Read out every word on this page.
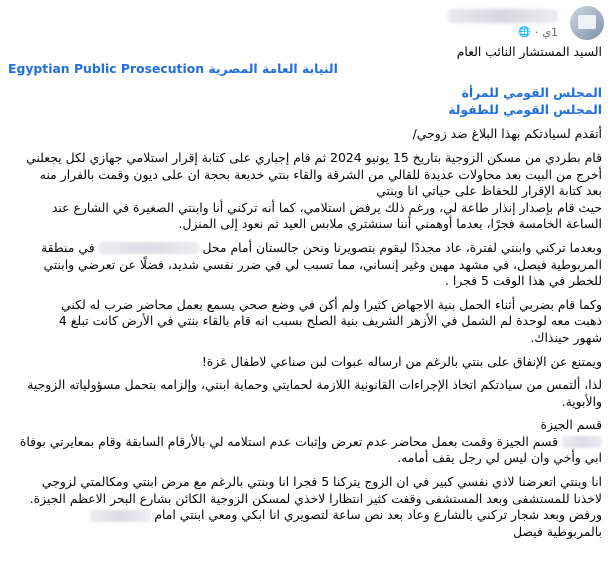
1ي
·
🌐
السيد المستشار النائب العام
Egyptian Public Prosecution النيابة العامة المصرية
المجلس القومي للمرأة
المجلس القومي للطفولة

أتقدم لسيادتكم بهذا البلاغ ضد زوجي/

قام بطردي من مسكن الزوجية بتاريخ 15 يونيو 2024 ثم قام إجباري على كتابة إقرار استلامي جهازي لكل يجعلني
أخرج من البيت بعد محاولات عديدة للقالي من الشرقة والقاء بنتي خديعة بحجة ان على ديون وقمت بالفرار منه
بعد كتابة الإقرار للحفاظ على حياتي انا وبنتي
حيث قام بإصدار إنذار طاعة لي، ورغم ذلك يرفض استلامي، كما أنه تركني أنا وابنتي الصغيرة في الشارع عند
الساعة الخامسة فجرًا، بعدما أوهمني أننا سنشتري ملابس العيد ثم نعود إلى المنزل.

وبعدما تركني وابنتي لفترة، عاد مجددًا ليقوم بتصويرنا ونحن جالستان أمام محل  في منطقة
المربوطية فيصل، في مشهد مهين وغير إنساني، مما تسبب لي في ضرر نفسي شديد، فضلًا عن تعرضي وابنتي
للخطر في هذا الوقت 5 فجرا .

وكما قام بضربي أثناء الحمل بنية الاجهاض كثيرا ولم أكن في وضع صحي يسمع بعمل محاضر ضرب له لكني
ذهبت معه لوحدة لم الشمل في الأزهر الشريف بنية الصلح بسبب انه قام بالقاء بنتي في الأرض كانت تبلغ 4
شهور حينذاك.

ويمتنع عن الإنفاق على بنتي بالرغم من ارساله عبوات لبن صناعي لاطفال غزة!

لذا، ألتمس من سيادتكم اتخاذ الإجراءات القانونية اللازمة لحمايتي وحماية ابنتي، وإلزامه بتحمل مسؤولياته الزوجية
والأبوية.

قسم الجيزة
قسم الجيزة وقمت بعمل محاضر عدم تعرض وإثبات عدم استلامه لي بالأرقام السابقة وقام بمعايرتي بوفاة
ابي وأخي وان ليس لي رجل يقف أمامه.

انا وبنتي اتعرضنا لاذي نفسي كبير في ان الزوج يتركنا 5 فجرا انا وبنتي بالرغم مع مرض ابنتي ومكالمتي لزوجي
لاخذنا للمستشفى وبعد المستشفى وقفت كثير انتظارا لاخذي لمسكن الزوجية الكائن بشارع البحر الاعظم الجيزة.
ورفض وبعد شجار تركني بالشارع وعاد بعد نص ساعة لتصويري انا ابكي ومعي ابنتي امام
بالمربوطية فيصل
